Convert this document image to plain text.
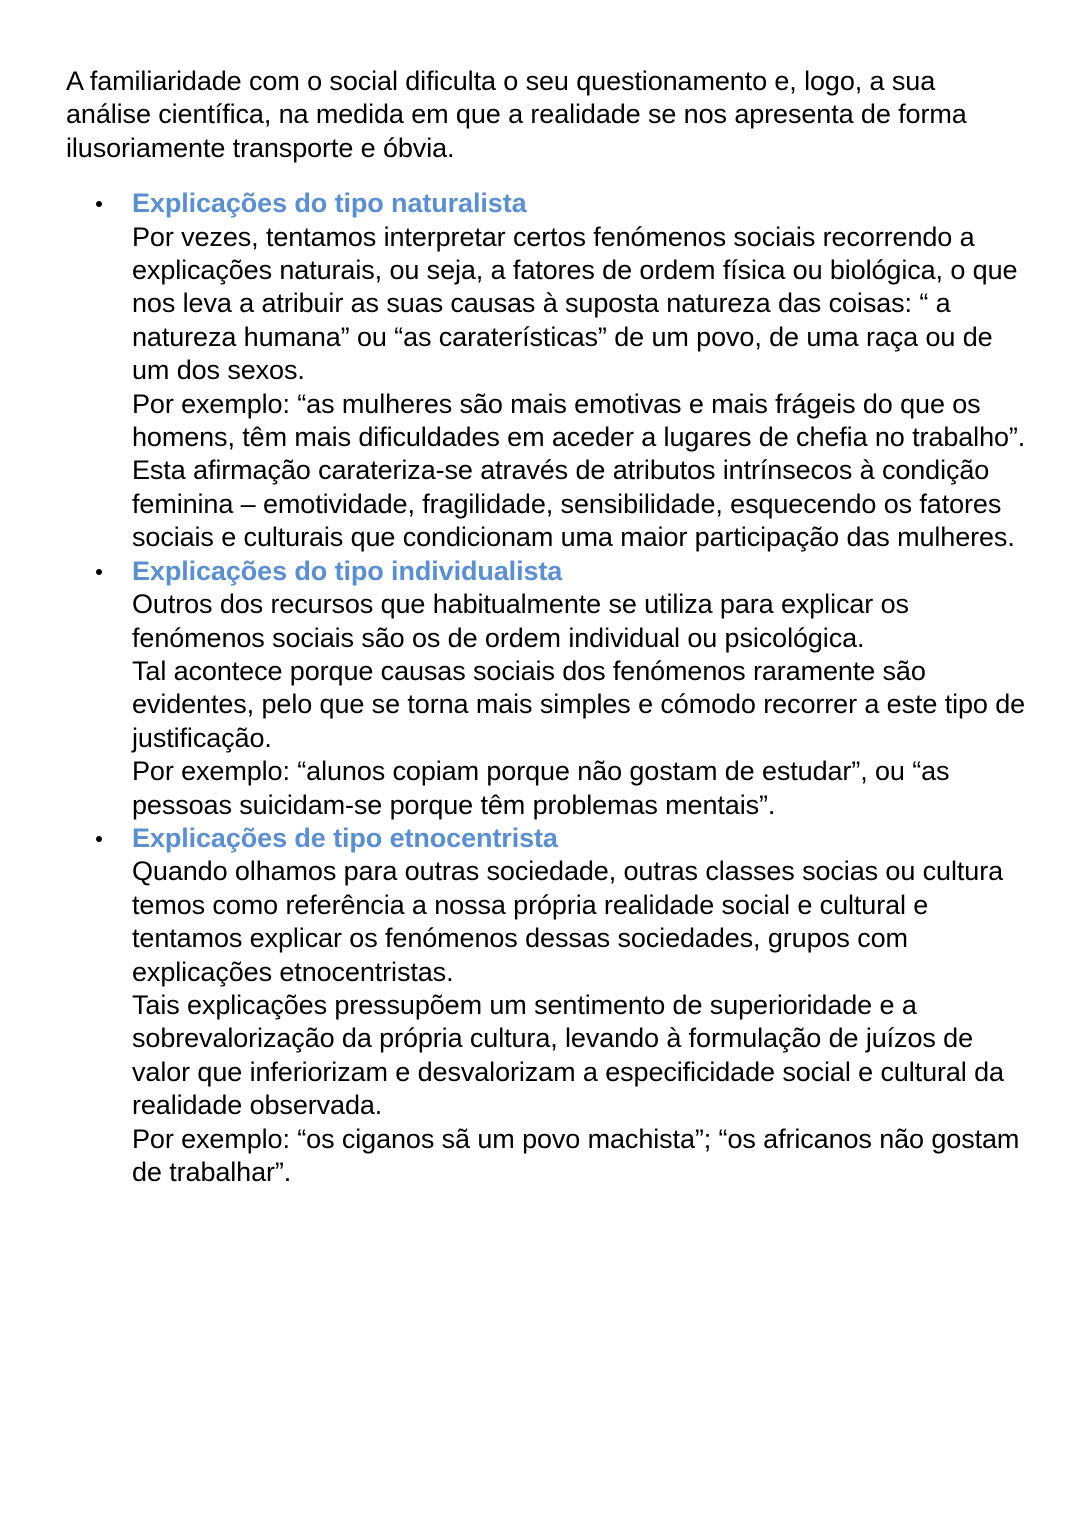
A familiaridade com o social dificulta o seu questionamento e, logo, a sua análise científica, na medida em que a realidade se nos apresenta de forma ilusoriamente transporte e óbvia.

Explicações do tipo naturalista

Por vezes, tentamos interpretar certos fenómenos sociais recorrendo a explicações naturais, ou seja, a fatores de ordem física ou biológica, o que nos leva a atribuir as suas causas à suposta natureza das coisas: “ a natureza humana” ou “as caraterísticas” de um povo, de uma raça ou de um dos sexos.

Por exemplo: “as mulheres são mais emotivas e mais frágeis do que os homens, têm mais dificuldades em aceder a lugares de chefia no trabalho”. Esta afirmação carateriza-se através de atributos intrínsecos à condição feminina – emotividade, fragilidade, sensibilidade, esquecendo os fatores sociais e culturais que condicionam uma maior participação das mulheres.

Explicações do tipo individualista

Outros dos recursos que habitualmente se utiliza para explicar os fenómenos sociais são os de ordem individual ou psicológica.

Tal acontece porque causas sociais dos fenómenos raramente são evidentes, pelo que se torna mais simples e cómodo recorrer a este tipo de justificação.

Por exemplo: “alunos copiam porque não gostam de estudar”, ou “as pessoas suicidam-se porque têm problemas mentais”.

Explicações de tipo etnocentrista

Quando olhamos para outras sociedade, outras classes socias ou cultura temos como referência a nossa própria realidade social e cultural e tentamos explicar os fenómenos dessas sociedades, grupos com explicações etnocentristas.

Tais explicações pressupõem um sentimento de superioridade e a sobrevalorização da própria cultura, levando à formulação de juízos de valor que inferiorizam e desvalorizam a especificidade social e cultural da realidade observada.

Por exemplo: “os ciganos sã um povo machista”; “os africanos não gostam de trabalhar”.
